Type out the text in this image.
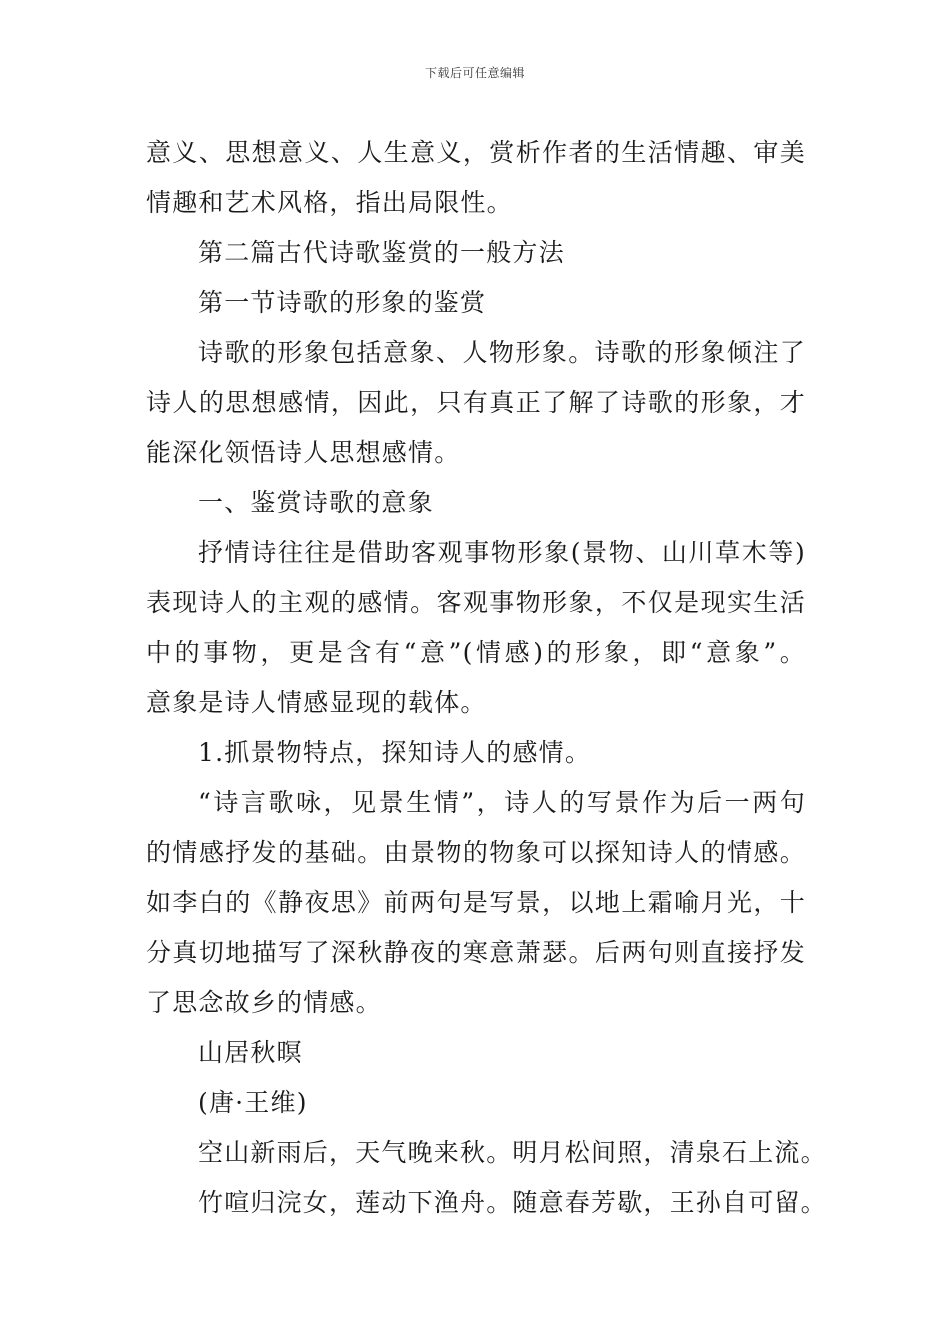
下载后可任意编辑
意义、思想意义、人生意义，赏析作者的生活情趣、审美
情趣和艺术风格，指出局限性。
第二篇古代诗歌鉴赏的一般方法
第一节诗歌的形象的鉴赏
诗歌的形象包括意象、人物形象。诗歌的形象倾注了
诗人的思想感情，因此，只有真正了解了诗歌的形象，才
能深化领悟诗人思想感情。
一、鉴赏诗歌的意象
抒情诗往往是借助客观事物形象(景物、山川草木等)
表现诗人的主观的感情。客观事物形象，不仅是现实生活
中的事物，更是含有“意”(情感)的形象，即“意象”。
意象是诗人情感显现的载体。
1.抓景物特点，探知诗人的感情。
“诗言歌咏，见景生情”，诗人的写景作为后一两句
的情感抒发的基础。由景物的物象可以探知诗人的情感。
如李白的《静夜思》前两句是写景，以地上霜喻月光，十
分真切地描写了深秋静夜的寒意萧瑟。后两句则直接抒发
了思念故乡的情感。
山居秋暝
(唐·王维)
空山新雨后，天气晚来秋。明月松间照，清泉石上流。
竹喧归浣女，莲动下渔舟。随意春芳歇，王孙自可留。
